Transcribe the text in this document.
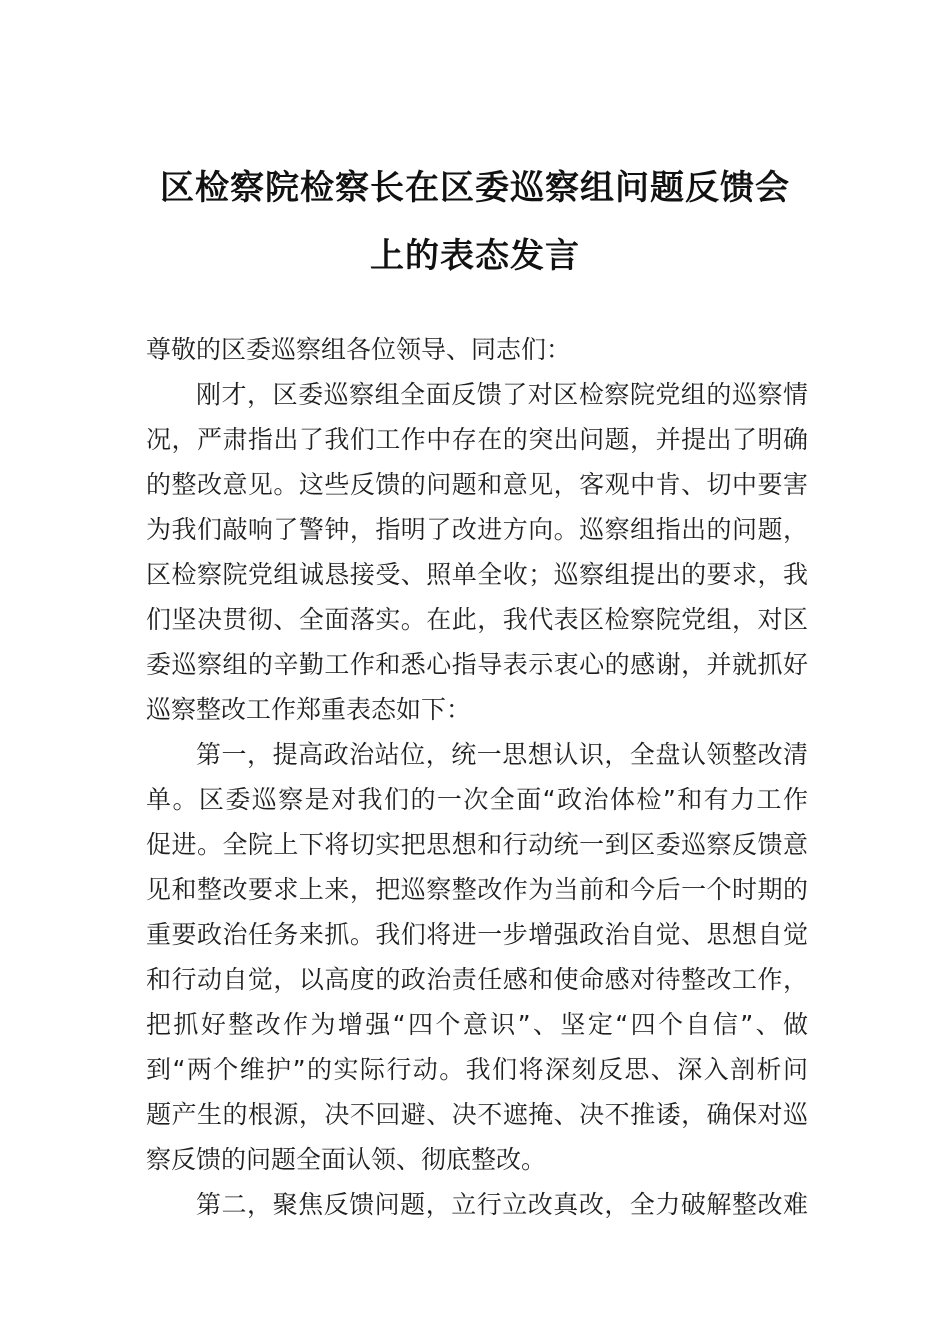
区检察院检察长在区委巡察组问题反馈会
上的表态发言
尊敬的区委巡察组各位领导、同志们：
刚才，区委巡察组全面反馈了对区检察院党组的巡察情
况，严肃指出了我们工作中存在的突出问题，并提出了明确
的整改意见。这些反馈的问题和意见，客观中肯、切中要害
为我们敲响了警钟，指明了改进方向。巡察组指出的问题，
区检察院党组诚恳接受、照单全收；巡察组提出的要求，我
们坚决贯彻、全面落实。在此，我代表区检察院党组，对区
委巡察组的辛勤工作和悉心指导表示衷心的感谢，并就抓好
巡察整改工作郑重表态如下：
第一，提高政治站位，统一思想认识，全盘认领整改清
单。区委巡察是对我们的一次全面“政治体检”和有力工作
促进。全院上下将切实把思想和行动统一到区委巡察反馈意
见和整改要求上来，把巡察整改作为当前和今后一个时期的
重要政治任务来抓。我们将进一步增强政治自觉、思想自觉
和行动自觉，以高度的政治责任感和使命感对待整改工作，
把抓好整改作为增强“四个意识”、坚定“四个自信”、做
到“两个维护”的实际行动。我们将深刻反思、深入剖析问
题产生的根源，决不回避、决不遮掩、决不推诿，确保对巡
察反馈的问题全面认领、彻底整改。
第二，聚焦反馈问题，立行立改真改，全力破解整改难
